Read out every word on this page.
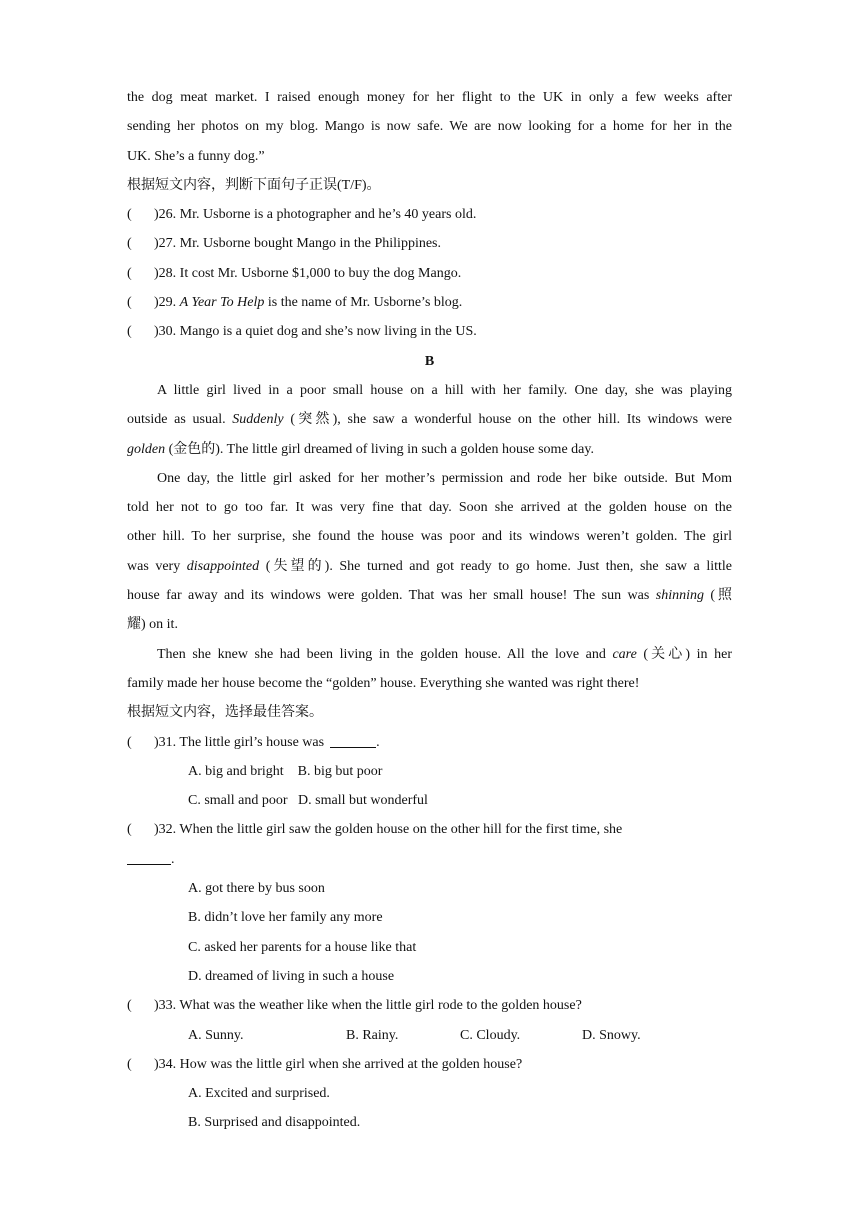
the dog meat market. I raised enough money for her flight to the UK in only a few weeks after
sending her photos on my blog. Mango is now safe. We are now looking for a home for her in the
UK. She’s a funny dog.”
根据短文内容，判断下面句子正误(T/F)。
( )26. Mr. Usborne is a photographer and he’s 40 years old.
( )27. Mr. Usborne bought Mango in the Philippines.
( )28. It cost Mr. Usborne $1,000 to buy the dog Mango.
( )29. A Year To Help is the name of Mr. Usborne’s blog.
( )30. Mango is a quiet dog and she’s now living in the US.
B
A little girl lived in a poor small house on a hill with her family. One day, she was playing
outside as usual. Suddenly (突然), she saw a wonderful house on the other hill. Its windows were
golden (金色的). The little girl dreamed of living in such a golden house some day.
One day, the little girl asked for her mother’s permission and rode her bike outside. But Mom
told her not to go too far. It was very fine that day. Soon she arrived at the golden house on the
other hill. To her surprise, she found the house was poor and its windows weren’t golden. The girl
was very disappointed (失望的). She turned and got ready to go home. Just then, she saw a little
house far away and its windows were golden. That was her small house! The sun was shinning (照
耀) on it.
Then she knew she had been living in the golden house. All the love and care (关心) in her
family made her house become the “golden” house. Everything she wanted was right there!
根据短文内容，选择最佳答案。
( )31. The little girl’s house was	.
A. big and bright B. big but poor
C. small and poor D. small but wonderful
( )32. When the little girl saw the golden house on the other hill for the first time, she
.
A. got there by bus soon
B. didn’t love her family any more
C. asked her parents for a house like that
D. dreamed of living in such a house
( )33. What was the weather like when the little girl rode to the golden house?
A. Sunny.	B. Rainy.	C. Cloudy.	D. Snowy.
( )34. How was the little girl when she arrived at the golden house?
A. Excited and surprised.
B. Surprised and disappointed.
